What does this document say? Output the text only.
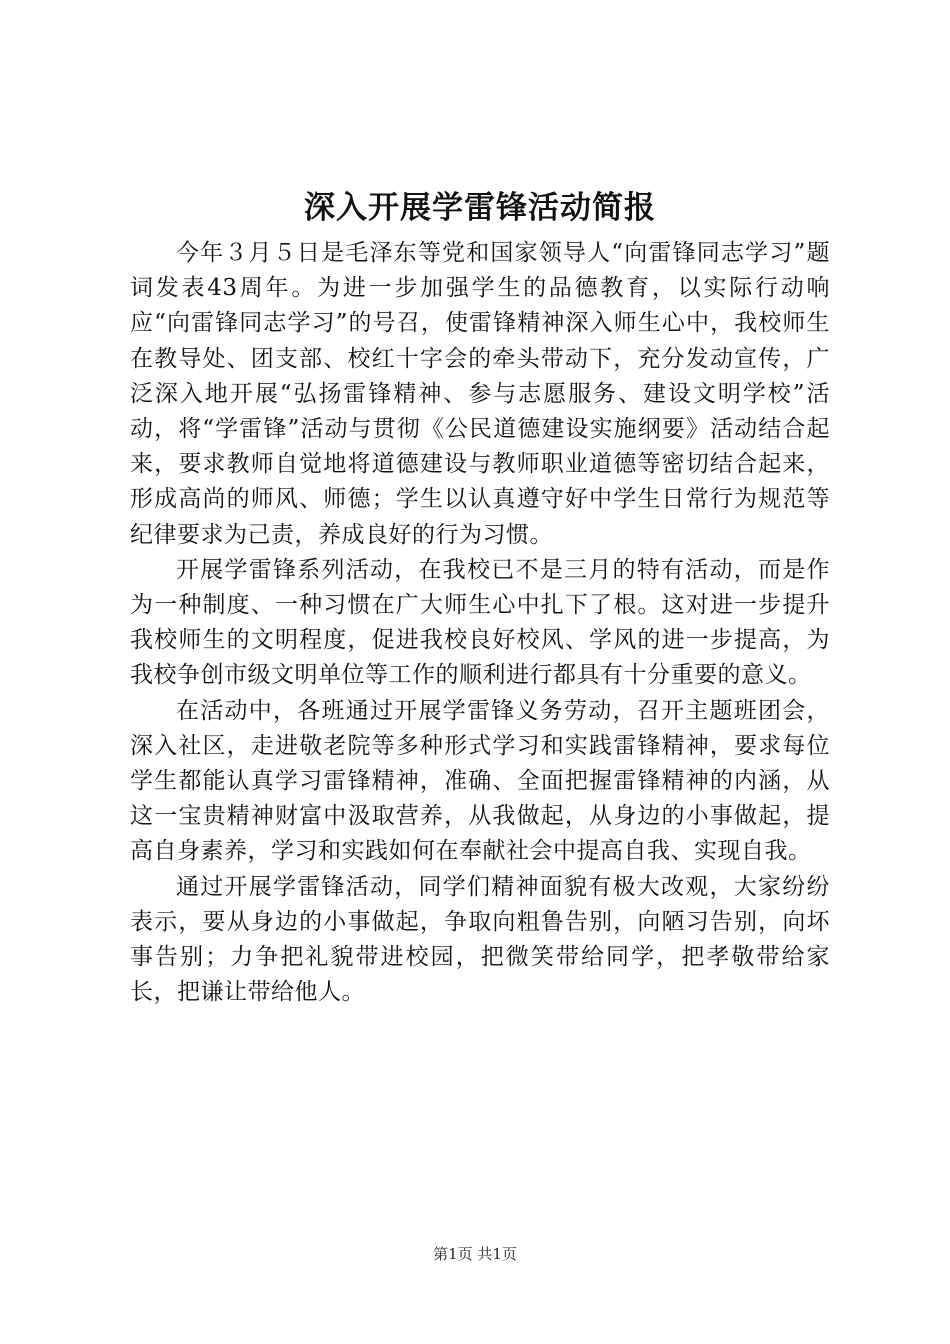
深入开展学雷锋活动简报

今年３月５日是毛泽东等党和国家领导人“向雷锋同志学习”题词发表43周年。为进一步加强学生的品德教育，以实际行动响应“向雷锋同志学习”的号召，使雷锋精神深入师生心中，我校师生在教导处、团支部、校红十字会的牵头带动下，充分发动宣传，广泛深入地开展“弘扬雷锋精神、参与志愿服务、建设文明学校”活动，将“学雷锋”活动与贯彻《公民道德建设实施纲要》活动结合起来，要求教师自觉地将道德建设与教师职业道德等密切结合起来，形成高尚的师风、师德；学生以认真遵守好中学生日常行为规范等纪律要求为己责，养成良好的行为习惯。

开展学雷锋系列活动，在我校已不是三月的特有活动，而是作为一种制度、一种习惯在广大师生心中扎下了根。这对进一步提升我校师生的文明程度，促进我校良好校风、学风的进一步提高，为我校争创市级文明单位等工作的顺利进行都具有十分重要的意义。

在活动中，各班通过开展学雷锋义务劳动，召开主题班团会，深入社区，走进敬老院等多种形式学习和实践雷锋精神，要求每位学生都能认真学习雷锋精神，准确、全面把握雷锋精神的内涵，从这一宝贵精神财富中汲取营养，从我做起，从身边的小事做起，提高自身素养，学习和实践如何在奉献社会中提高自我、实现自我。

通过开展学雷锋活动，同学们精神面貌有极大改观，大家纷纷表示，要从身边的小事做起，争取向粗鲁告别，向陋习告别，向坏事告别；力争把礼貌带进校园，把微笑带给同学，把孝敬带给家长，把谦让带给他人。

第1页 共1页
